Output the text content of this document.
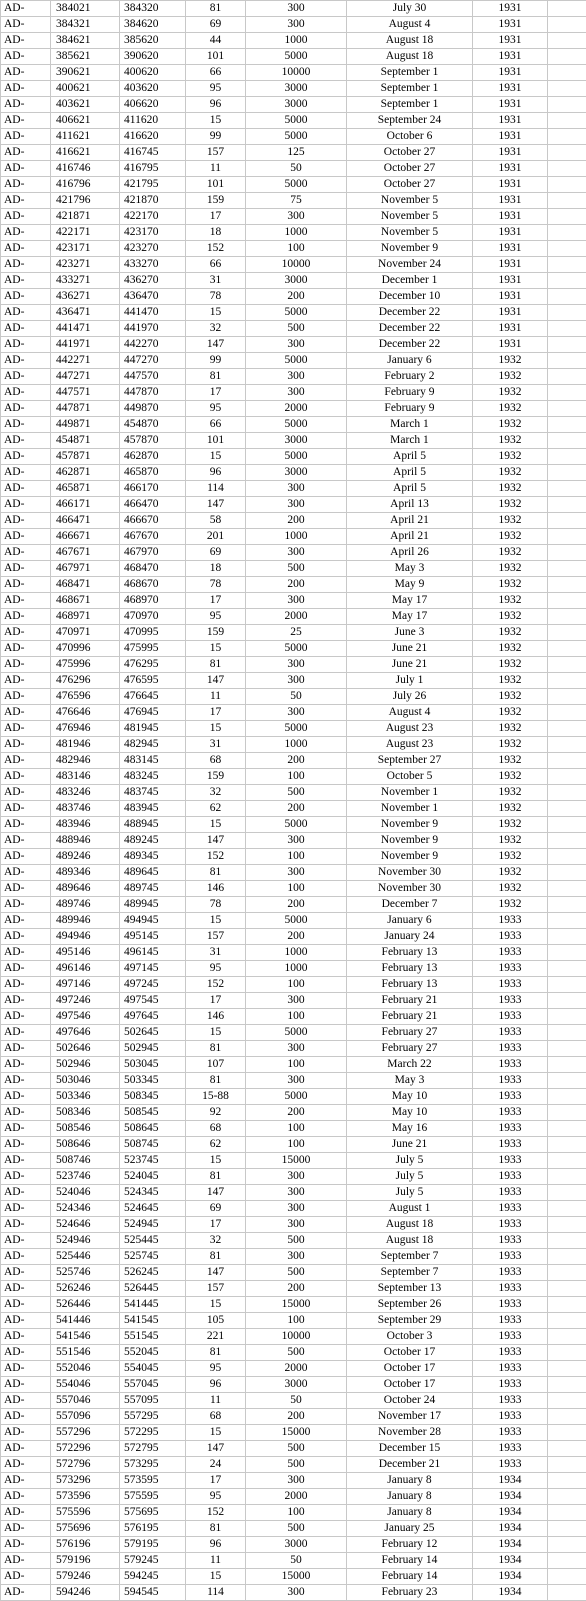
AD-	384021	384320	81	300	July 30	1931	
AD-	384321	384620	69	300	August 4	1931	
AD-	384621	385620	44	1000	August 18	1931	
AD-	385621	390620	101	5000	August 18	1931	
AD-	390621	400620	66	10000	September 1	1931	
AD-	400621	403620	95	3000	September 1	1931	
AD-	403621	406620	96	3000	September 1	1931	
AD-	406621	411620	15	5000	September 24	1931	
AD-	411621	416620	99	5000	October 6	1931	
AD-	416621	416745	157	125	October 27	1931	
AD-	416746	416795	11	50	October 27	1931	
AD-	416796	421795	101	5000	October 27	1931	
AD-	421796	421870	159	75	November 5	1931	
AD-	421871	422170	17	300	November 5	1931	
AD-	422171	423170	18	1000	November 5	1931	
AD-	423171	423270	152	100	November 9	1931	
AD-	423271	433270	66	10000	November 24	1931	
AD-	433271	436270	31	3000	December 1	1931	
AD-	436271	436470	78	200	December 10	1931	
AD-	436471	441470	15	5000	December 22	1931	
AD-	441471	441970	32	500	December 22	1931	
AD-	441971	442270	147	300	December 22	1931	
AD-	442271	447270	99	5000	January 6	1932	
AD-	447271	447570	81	300	February 2	1932	
AD-	447571	447870	17	300	February 9	1932	
AD-	447871	449870	95	2000	February 9	1932	
AD-	449871	454870	66	5000	March 1	1932	
AD-	454871	457870	101	3000	March 1	1932	
AD-	457871	462870	15	5000	April 5	1932	
AD-	462871	465870	96	3000	April 5	1932	
AD-	465871	466170	114	300	April 5	1932	
AD-	466171	466470	147	300	April 13	1932	
AD-	466471	466670	58	200	April 21	1932	
AD-	466671	467670	201	1000	April 21	1932	
AD-	467671	467970	69	300	April 26	1932	
AD-	467971	468470	18	500	May 3	1932	
AD-	468471	468670	78	200	May 9	1932	
AD-	468671	468970	17	300	May 17	1932	
AD-	468971	470970	95	2000	May 17	1932	
AD-	470971	470995	159	25	June 3	1932	
AD-	470996	475995	15	5000	June 21	1932	
AD-	475996	476295	81	300	June 21	1932	
AD-	476296	476595	147	300	July 1	1932	
AD-	476596	476645	11	50	July 26	1932	
AD-	476646	476945	17	300	August 4	1932	
AD-	476946	481945	15	5000	August 23	1932	
AD-	481946	482945	31	1000	August 23	1932	
AD-	482946	483145	68	200	September 27	1932	
AD-	483146	483245	159	100	October 5	1932	
AD-	483246	483745	32	500	November 1	1932	
AD-	483746	483945	62	200	November 1	1932	
AD-	483946	488945	15	5000	November 9	1932	
AD-	488946	489245	147	300	November 9	1932	
AD-	489246	489345	152	100	November 9	1932	
AD-	489346	489645	81	300	November 30	1932	
AD-	489646	489745	146	100	November 30	1932	
AD-	489746	489945	78	200	December 7	1932	
AD-	489946	494945	15	5000	January 6	1933	
AD-	494946	495145	157	200	January 24	1933	
AD-	495146	496145	31	1000	February 13	1933	
AD-	496146	497145	95	1000	February 13	1933	
AD-	497146	497245	152	100	February 13	1933	
AD-	497246	497545	17	300	February 21	1933	
AD-	497546	497645	146	100	February 21	1933	
AD-	497646	502645	15	5000	February 27	1933	
AD-	502646	502945	81	300	February 27	1933	
AD-	502946	503045	107	100	March 22	1933	
AD-	503046	503345	81	300	May 3	1933	
AD-	503346	508345	15-88	5000	May 10	1933	
AD-	508346	508545	92	200	May 10	1933	
AD-	508546	508645	68	100	May 16	1933	
AD-	508646	508745	62	100	June 21	1933	
AD-	508746	523745	15	15000	July 5	1933	
AD-	523746	524045	81	300	July 5	1933	
AD-	524046	524345	147	300	July 5	1933	
AD-	524346	524645	69	300	August 1	1933	
AD-	524646	524945	17	300	August 18	1933	
AD-	524946	525445	32	500	August 18	1933	
AD-	525446	525745	81	300	September 7	1933	
AD-	525746	526245	147	500	September 7	1933	
AD-	526246	526445	157	200	September 13	1933	
AD-	526446	541445	15	15000	September 26	1933	
AD-	541446	541545	105	100	September 29	1933	
AD-	541546	551545	221	10000	October 3	1933	
AD-	551546	552045	81	500	October 17	1933	
AD-	552046	554045	95	2000	October 17	1933	
AD-	554046	557045	96	3000	October 17	1933	
AD-	557046	557095	11	50	October 24	1933	
AD-	557096	557295	68	200	November 17	1933	
AD-	557296	572295	15	15000	November 28	1933	
AD-	572296	572795	147	500	December 15	1933	
AD-	572796	573295	24	500	December 21	1933	
AD-	573296	573595	17	300	January 8	1934	
AD-	573596	575595	95	2000	January 8	1934	
AD-	575596	575695	152	100	January 8	1934	
AD-	575696	576195	81	500	January 25	1934	
AD-	576196	579195	96	3000	February 12	1934	
AD-	579196	579245	11	50	February 14	1934	
AD-	579246	594245	15	15000	February 14	1934	
AD-	594246	594545	114	300	February 23	1934	
